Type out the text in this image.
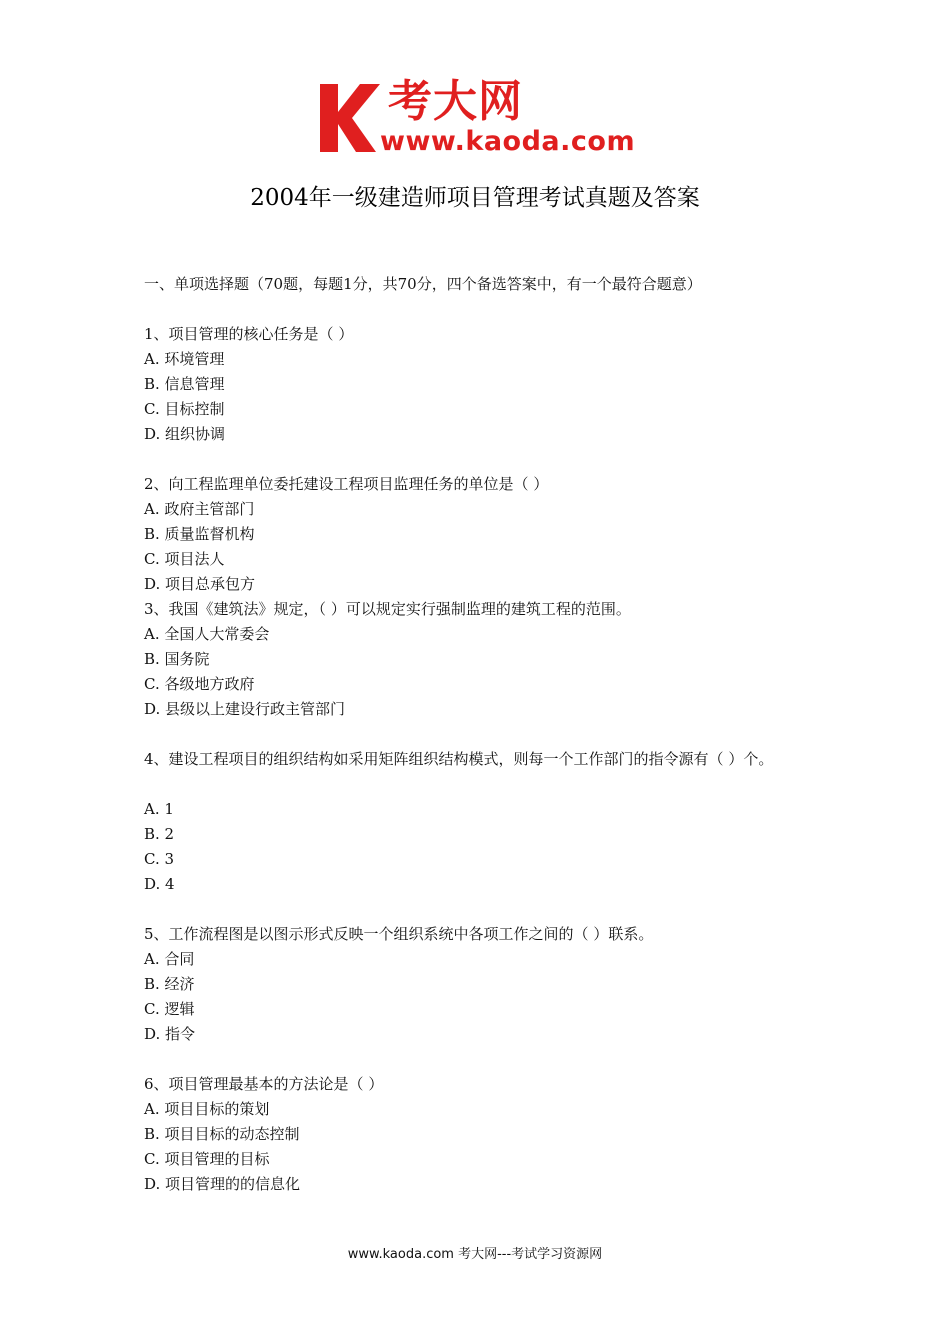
考大网
www.kaoda.com
2004年一级建造师项目管理考试真题及答案
一、单项选择题（70题，每题1分，共70分，四个备选答案中，有一个最符合题意）
1、项目管理的核心任务是（ ）
A. 环境管理
B. 信息管理
C. 目标控制
D. 组织协调
2、向工程监理单位委托建设工程项目监理任务的单位是（ ）
A. 政府主管部门
B. 质量监督机构
C. 项目法人
D. 项目总承包方
3、我国《建筑法》规定，（ ）可以规定实行强制监理的建筑工程的范围。
A. 全国人大常委会
B. 国务院
C. 各级地方政府
D. 县级以上建设行政主管部门
4、建设工程项目的组织结构如采用矩阵组织结构模式，则每一个工作部门的指令源有（ ）个。
A. 1
B. 2
C. 3
D. 4
5、工作流程图是以图示形式反映一个组织系统中各项工作之间的（ ）联系。
A. 合同
B. 经济
C. 逻辑
D. 指令
6、项目管理最基本的方法论是（ ）
A. 项目目标的策划
B. 项目目标的动态控制
C. 项目管理的目标
D. 项目管理的的信息化
www.kaoda.com 考大网---考试学习资源网
